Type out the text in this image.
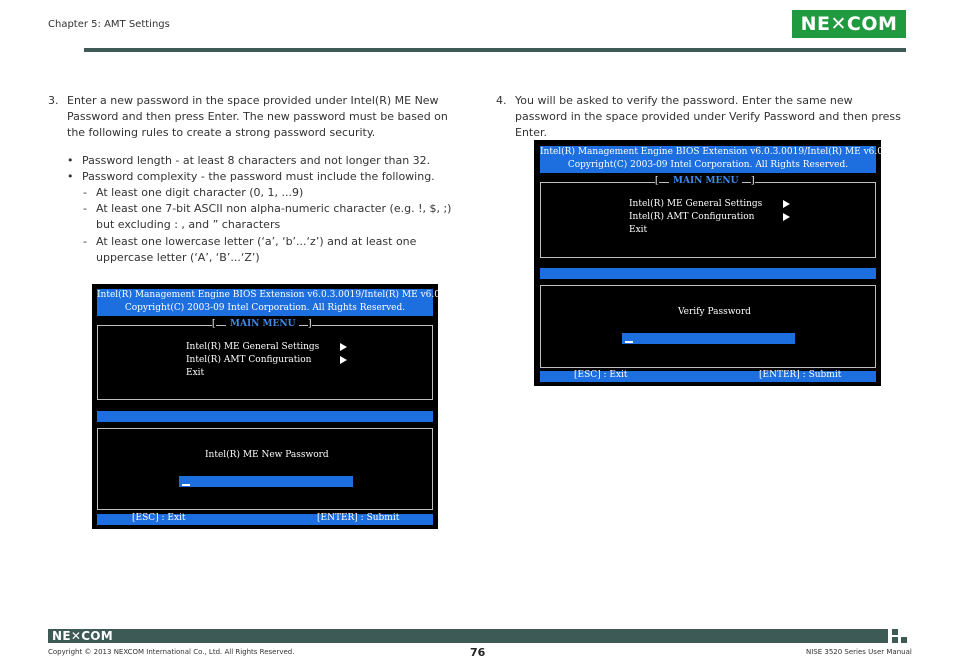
Chapter 5: AMT Settings	NE✕COM
3. Enter a new password in the space provided under Intel(R) ME New Password and then press Enter. The new password must be based on the following rules to create a strong password security.
• Password length - at least 8 characters and not longer than 32.
• Password complexity - the password must include the following.
- At least one digit character (0, 1, ...9)
- At least one 7-bit ASCII non alpha-numeric character (e.g. !, $, ;) but excluding : , and ” characters
- At least one lowercase letter (‘a’, ‘b’...‘z’) and at least one uppercase letter (‘A’, ‘B’...‘Z’)
4. You will be asked to verify the password. Enter the same new password in the space provided under Verify Password and then press Enter.
Intel(R) Management Engine BIOS Extension v6.0.3.0019/Intel(R) ME v6.0.3.1195
Copyright(C) 2003-09 Intel Corporation. All Rights Reserved.
[	MAIN MENU	]
Intel(R) ME General Settings
Intel(R) AMT Configuration
Exit
Intel(R) ME New Password
[ESC] : Exit	[ENTER] : Submit
Intel(R) Management Engine BIOS Extension v6.0.3.0019/Intel(R) ME v6.0.3.1195
Copyright(C) 2003-09 Intel Corporation. All Rights Reserved.
[	MAIN MENU	]
Intel(R) ME General Settings
Intel(R) AMT Configuration
Exit
Verify Password
[ESC] : Exit	[ENTER] : Submit
NE✕COM
Copyright © 2013 NEXCOM International Co., Ltd. All Rights Reserved.	76	NISE 3520 Series User Manual
